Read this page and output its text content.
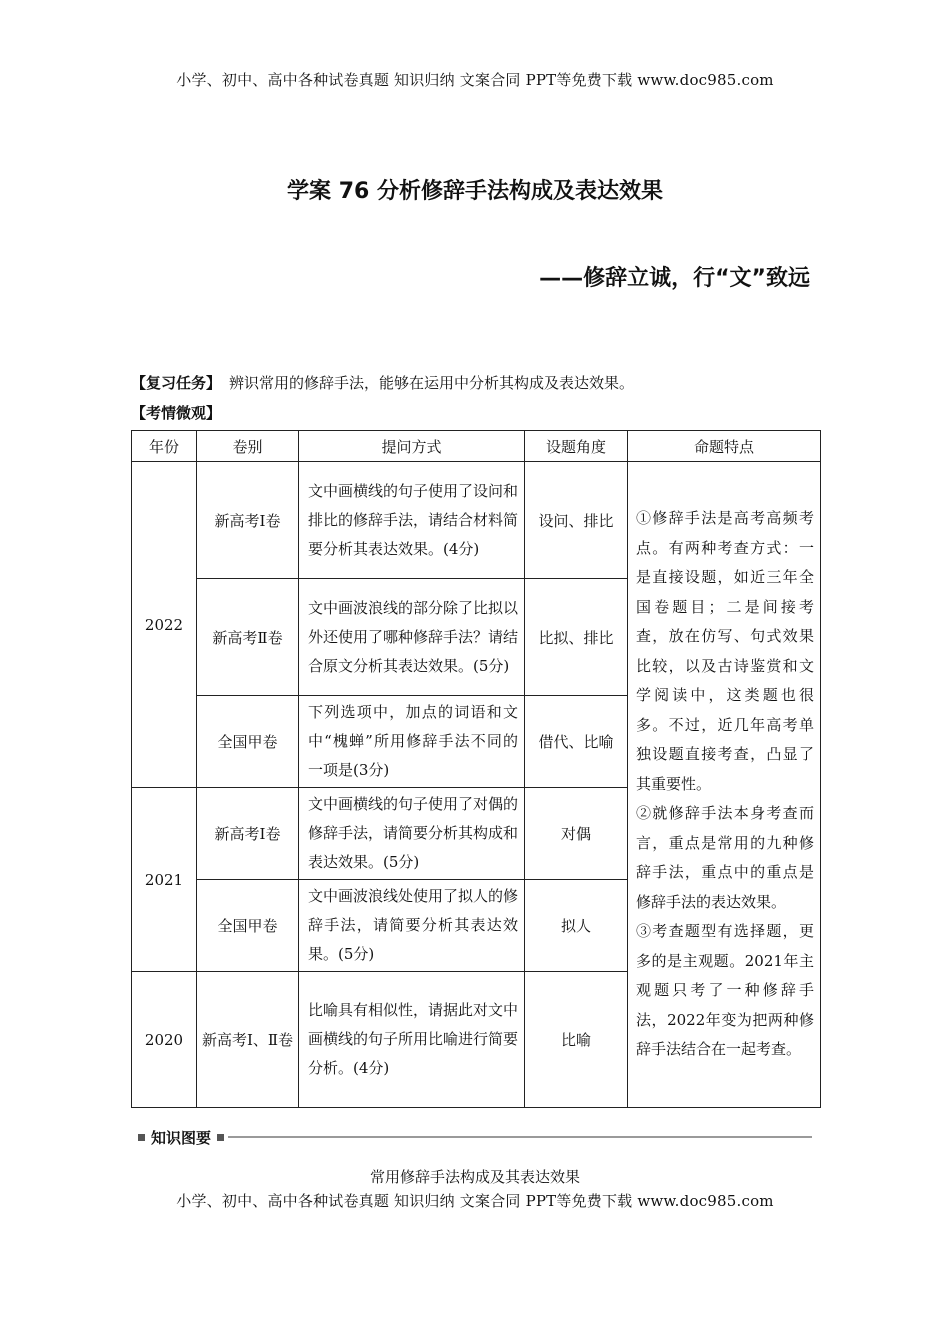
小学、初中、高中各种试卷真题 知识归纳 文案合同 PPT等免费下载 www.doc985.com
学案 76 分析修辞手法构成及表达效果
——修辞立诚，行“文”致远
【复习任务】 辨识常用的修辞手法，能够在运用中分析其构成及表达效果。
【考情微观】
年份	卷别	提问方式	设题角度	命题特点
2022	新高考Ⅰ卷	文中画横线的句子使用了设问和排比的修辞手法，请结合材料简要分析其表达效果。(4分)	设问、排比	①修辞手法是高考高频考点。有两种考查方式：一是直接设题，如近三年全国卷题目；二是间接考查，放在仿写、句式效果比较，以及古诗鉴赏和文学阅读中，这类题也很多。不过，近几年高考单独设题直接考查，凸显了其重要性。

②就修辞手法本身考查而言，重点是常用的九种修辞手法，重点中的重点是修辞手法的表达效果。

③考查题型有选择题，更多的是主观题。2021年主观题只考了一种修辞手法，2022年变为把两种修辞手法结合在一起考查。

	新高考Ⅱ卷	文中画波浪线的部分除了比拟以外还使用了哪种修辞手法？请结合原文分析其表达效果。(5分)	比拟、排比	
	全国甲卷	下列选项中，加点的词语和文中“槐蝉”所用修辞手法不同的一项是(3分)	借代、比喻	
2021	新高考Ⅰ卷	文中画横线的句子使用了对偶的修辞手法，请简要分析其构成和表达效果。(5分)	对偶	
	全国甲卷	文中画波浪线处使用了拟人的修辞手法，请简要分析其表达效果。(5分)	拟人	
2020	新高考Ⅰ、Ⅱ卷	比喻具有相似性，请据此对文中画横线的句子所用比喻进行简要分析。(4分)	比喻	
知识图要
常用修辞手法构成及其表达效果
小学、初中、高中各种试卷真题 知识归纳 文案合同 PPT等免费下载 www.doc985.com
